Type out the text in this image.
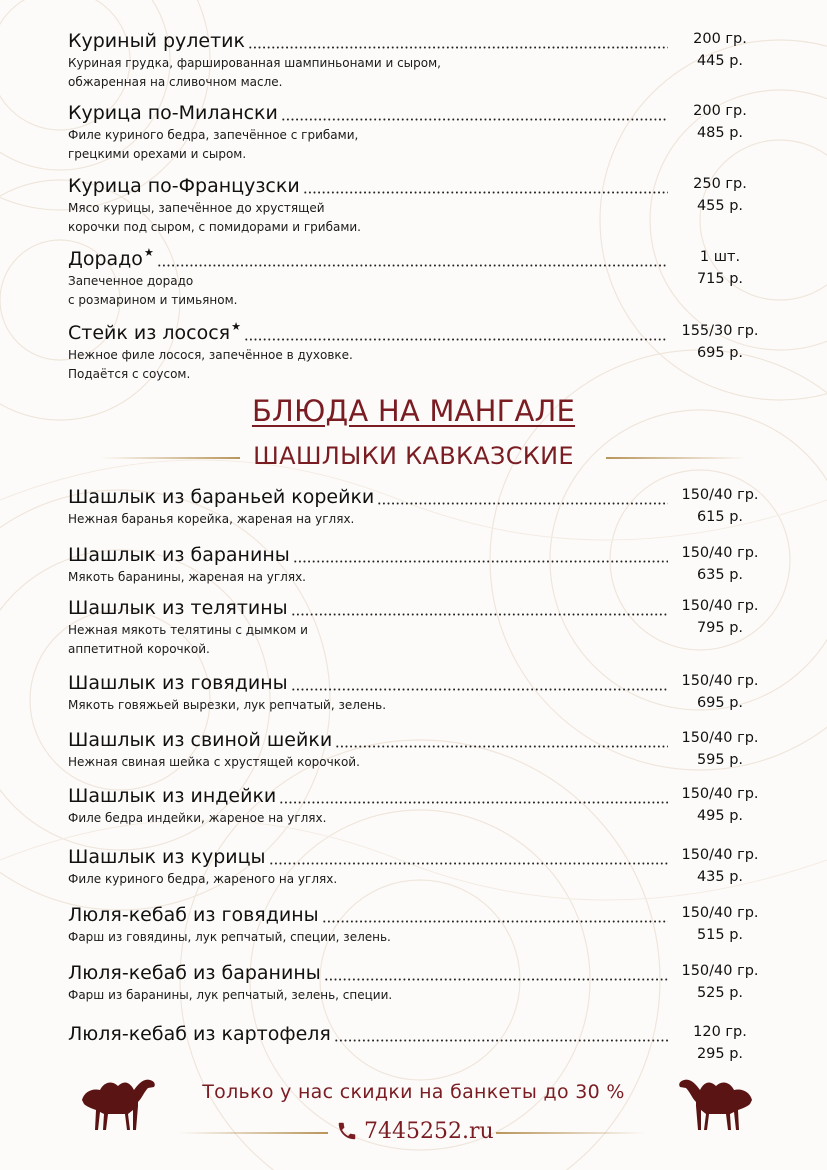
Куриный рулетик
Куриная грудка, фаршированная шампиньонами и сыром,
обжаренная на сливочном масле.
200 гр.
445 р.
Курица по-Милански
Филе куриного бедра, запечённое с грибами,
грецкими орехами и сыром.
200 гр.
485 р.
Курица по-Французски
Мясо курицы, запечённое до хрустящей
корочки под сыром, с помидорами и грибами.
250 гр.
455 р.
Дорадо★
Запеченное дорадо
с розмарином и тимьяном.
1 шт.
715 р.
Стейк из лосося★
Нежное филе лосося, запечённое в духовке.
Подаётся с соусом.
155/30 гр.
695 р.
БЛЮДА НА МАНГАЛЕ
ШАШЛЫКИ КАВКАЗСКИЕ
Шашлык из бараньей корейки
Нежная баранья корейка, жареная на углях.
150/40 гр.
615 р.
Шашлык из баранины
Мякоть баранины, жареная на углях.
150/40 гр.
635 р.
Шашлык из телятины
Нежная мякоть телятины с дымком и
аппетитной корочкой.
150/40 гр.
795 р.
Шашлык из говядины
Мякоть говяжьей вырезки, лук репчатый, зелень.
150/40 гр.
695 р.
Шашлык из свиной шейки
Нежная свиная шейка с хрустящей корочкой.
150/40 гр.
595 р.
Шашлык из индейки
Филе бедра индейки, жареное на углях.
150/40 гр.
495 р.
Шашлык из курицы
Филе куриного бедра, жареного на углях.
150/40 гр.
435 р.
Люля-кебаб из говядины
Фарш из говядины, лук репчатый, специи, зелень.
150/40 гр.
515 р.
Люля-кебаб из баранины
Фарш из баранины, лук репчатый, зелень, специи.
150/40 гр.
525 р.
Люля-кебаб из картофеля	120 гр.
295 р.
Только у нас скидки на банкеты до 30 %
7445252.ru
